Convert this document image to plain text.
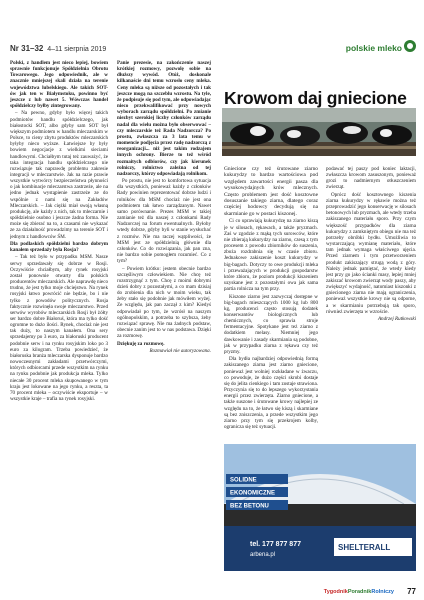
Nr 31–32 4–11 sierpnia 2019	polskie mleko

Polski, z handlem jest nieco lepiej, bowiem sprawnie funkcjonuje Spółdzielnia Obrotu Towarowego. Jego odpowiednik, ale w znacznie mniejszej skali działa na terenie województwa lubelskiego. Ale takich SOT-ów jak ten w Białymstoku, powinno być jeszcze z lub nawet 5. Wówczas handel spółdzielczy byłby zintegrowany.

– Na pewno, gdyby było więcej takich podmiotów handlu spółdzielczego, jak białostocki SOT, albo gdyby sam SOT był większym podmiotem w handlu mleczarskim w Polsce, to cieny zbytu produktów mleczarskich byłyby nieco wyższe. Łatwiejsze by były bowiem negocjacje z wielkimi sieciami handlowymi. Chciałbym tutaj też zauważyć, że taka integracja handlu spółdzielczego nie rozwiązuje tak naprawdę problemu zakresie integracji w mleczarstwie. Jak na razie prawie wszystkie wytwórcy bezpieczeństwa płynności o jak kombinacje mleczarstwa zastrzeże, ale na jedno jednak wystąpienie zastrzeże ze do wspólnie z nami się na Zakładów Mleczarskich. – Jak ciężki miał swoją własną produkcję, ale każdy z nich, tak to mleczarnie i spółdzielnie osobno i jeszcze żadna forma. Nie może się zbierać na to, a czasami nie wykazać ze za działalność prowadzimy na terenie SOT i jednym z handlowców ŚM.

Dla podlaskich spółdzielni bardzo dobrym kanałem sprzedaży była Rosja?

– Tak też było w przypadku MSM. Nasze serwy sprzedawały się dobrze w Rosji. Oczywiście chciałbym, aby rynek rosyjski został ponownie otwarty dla polskich producentów mleczarskich. Ale naprawdę nieco trudno, że jest tylko moje chciejstwo. Na rynek rosyjski łatwo powrócić nie będzie, bo i nie tylko z powodów politycznych. Rosja faktycznie rozwinęła swoje mleczarstwo. Przed serwów wyrobów mleczarskich Rosji był żółty ser bardzo dobre Białoruś, która ma tylko dość ogromne to dużo ilości. Rynek, chociaż nie jest tak duży, to naszym kanałem. Ona sery sprzedajemy po 3 euro, za białoruski producent podobnie serw i na rynku rosyjskim loko po 3 euro za kilogram. Trzeba powiedzieć, że białoruska branża mleczarska dysponuje bardzo nowoczesnymi zakładami przetwórczymi, których odbiorcami przede wszystkim na rynku na rynku podobnie jak produkcja mleka. Tylko niecałe 30 procent mleka skupowanego w tym kraju jest lokowane na jego rynku, a reszta, ta 70 procent mleka – oczywiście eksportuje – w wszystkie kraje – trafia na rynek rosyjski.

Panie prezesie, na zakończenie naszej krótkiej rozmowy, pozwolę sobie na dłuższy wywód. Otóż, doskonale kilkanaście dni temu wzrosło ceny mleka. Ceny mleka są niższe od pozostałych i tak jeszcze mogą na szczeblu wzrostu. Na tyle, że podpisuje się pod tym, ale odpowiadając nieco przekwalifikować przy nowych wyborach zarządu spółdzielni. Po zmianie niezbyt szerokiej liczby członków zarządu nadal dla wielu można było obserwować – czy mleczarskie też Rada Nadzorcza? Po prostu, zwłaszcza za 3 lata temu w momencie podjęcia przez radę nadzorczą z reorganizacji... niż jest takim rodzajem innych ochrony. Bierze to też wśród rozmaitych odbiorów, czy jak kierunek rolniczy, rolnictwo zależna od tej nadzorczy, którzy odpowiadają rolnikom.

Po prostu, nie jest to komfortowa sytuacja dla wszystkich, ponieważ każdy z członków Rady powinien reprezentować dobrze ludzi i rolników dla MSM chociaż nie jest ona podmiotem tak łatwo zarządzanym. Nawet samo porównanie. Prezes MSM w takiej zamianie też dla naszej z członkami Rady Nadzorczej na forum ewentualnych. Byłoby wtedy dobrze, gdyby byli w stanie wysłuchać z rozmów. Nie ma raczej wątpliwości, że MSM jest ze spółdzielnią głównie dla członków. Co do rozwiązania, jak pan zna, nie bardzo sobie pomogłem rozumieć. Co z tym?

– Powiem krótko: jestem obecnie bardzo szczęśliwym człowiekiem. Nie chcę też rozstrzygnąć z tym. Chcę z moimi dobrymi dzień dobry z pozostałymi, a co mam dzisiaj do zrobienia dla nich w moim wieku, tak żeby stało się podobnie jak mówiłem wyżej. Ze względu, jak pan zaczął z kim? Kiedyś odpowiadał po tym, że wzrósł na naszym ogólnopolskim, a potrzeba to szybsza, żeby rozwiązać sprawę. Nie ma żadnych podstaw, obecnie zanim jest to w nas podstawa. Dzięki za rozmowę.

Dziękuję za rozmowę.

Rozmawiał nie autoryzowana.

Krowom daj gniecione

Gniecione czy też śrutowane ziarno kukurydzy to bardzo wartościowa pod względem zawartości energii pasza dla wysokowydajnych krów mlecznych. Często problemem jest dość kosztowne dosuszanie takiego ziarna, dlatego coraz częściej hodowcy decydują się na skarmianie go w postaci kiszonej.

Ci co uprawiają kukurydzę na ziarno kiszą je w silosach, rękawach, a także pryzmach. Zaś w zgodzie z mąką tych surowców, które nie zbierają kukurydzy na ziarno, czesą z tym procesem z powodu zbiorników do suszenia, zboża rozdrabnia się w czasie zbioru. Jednakowe zakiszenie koszt kukurydzy w big-bagach. Dotyczy to owe produkcji mleka i przeważających w produkcji gospodarstw które zbioru, że poziom produkcji kiszeniem uzyskane jest z pozostałymi owa jak sama partia rolnicza na tym przy.

Kiszone ziarno jest zazwyczaj dostępne w big-bagach mieszczących 1000 kg lub 800 kg, producenci często stosują dodatek konserwantów biologicznych lub chemicznych, co sprawia stroje fermentacyjne. Spotykane jest też ziarno z dodatkiem melasy. Niemniej jego dawkowanie i zasady skarmiania są podobne, jak w przypadku ziarna z rękawa czy też pryzmy.

Dla bydła najbardziej odpowiednią formą zakiszanego ziarna jest ziarno gniecione, ponieważ jest wolniej rozkładane w żwaczu, co powoduje, że dużo części skrobi dostaje się do jelita cienkiego i tam zostaje strawiona. Przyczynia się to do lepszego wykorzystania energii przez zwierzęta. Ziarno gniecione, a także suszone i śrutowane krowy najlepiej ze względu na to, że łatwo się kiszą i skarmiane są bez zniszczenia, a przede wszystkim jego ziarno przy tym się przekrojem kolby, ogranicza się też sytuacji.

podawać tej paszy pod koniec laktacji, zwłaszcza krowom zasuszonym, ponieważ grozi to nadmiernym otłuszczeniem zwierząt.

Oprócz dość kosztownego kiszenia ziarna kukurydzy w rękawie można też przeprowadzić jego konserwację w silosach betonowych lub pryzmach, ale wtedy trzeba zakiszanego materiału sporo. Przy czym większość przypadków dla ziarna kukurydzy z zamkniętym obiegu nie ma też potrzeby obróbki bydłu. Umożliwia to wystarczającą wymianę materiału, które tam jednak wymaga właściwego ujęcia. Przed ziarnem i tym przetworzeniem produkt zakiszający strugą wodą z góry. Należy jednak pamiętać, że wtedy kiedy jest przy go jako ścianki masy, lepiej mniej zakiszać krowom zwierząt wody paszy, aby zwiększyć wydajność, natomiast kiszonki z gniecionego ziarna nie mają ograniczenia, ponieważ wszystkie krowy nie są odporne, a w skarmianiu potrzebują tak sporo, również zwierzęta w wzroście.

Andrzej Rutkowski

SOLIDNE
EKONOMICZNE
BEZ BETONU
tel. 177 877 877
arbena.pl
SHELTERALL
TygodnikPoradnikRolniczy 77
